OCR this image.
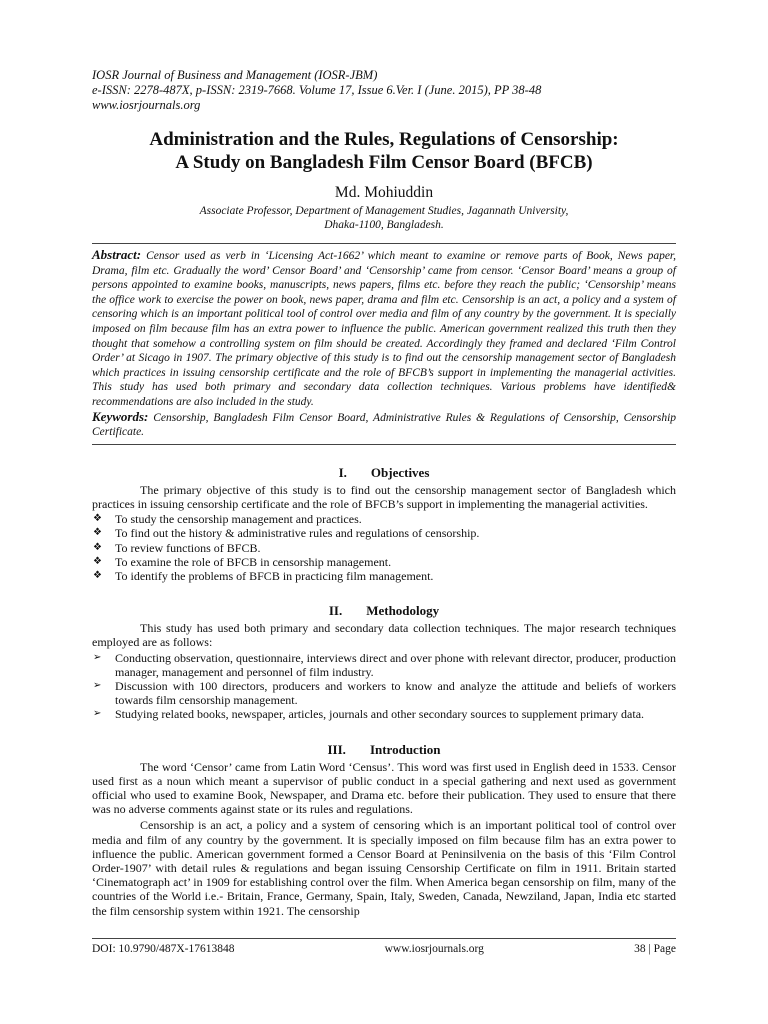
IOSR Journal of Business and Management (IOSR-JBM)
e-ISSN: 2278-487X, p-ISSN: 2319-7668. Volume 17, Issue 6.Ver. I (June. 2015), PP 38-48
www.iosrjournals.org
Administration and the Rules, Regulations of Censorship:
A Study on Bangladesh Film Censor Board (BFCB)
Md. Mohiuddin
Associate Professor, Department of Management Studies, Jagannath University,
Dhaka-1100, Bangladesh.
Abstract: Censor used as verb in ‘Licensing Act-1662’ which meant to examine or remove parts of Book, News paper, Drama, film etc. Gradually the word’ Censor Board’ and ‘Censorship’ came from censor. ‘Censor Board’ means a group of persons appointed to examine books, manuscripts, news papers, films etc. before they reach the public; ‘Censorship’ means the office work to exercise the power on book, news paper, drama and film etc. Censorship is an act, a policy and a system of censoring which is an important political tool of control over media and film of any country by the government. It is specially imposed on film because film has an extra power to influence the public. American government realized this truth then they thought that somehow a controlling system on film should be created. Accordingly they framed and declared ‘Film Control Order’ at Sicago in 1907. The primary objective of this study is to find out the censorship management sector of Bangladesh which practices in issuing censorship certificate and the role of BFCB’s support in implementing the managerial activities. This study has used both primary and secondary data collection techniques. Various problems have identified& recommendations are also included in the study.
Keywords: Censorship, Bangladesh Film Censor Board, Administrative Rules & Regulations of Censorship, Censorship Certificate.
I. Objectives

The primary objective of this study is to find out the censorship management sector of Bangladesh which practices in issuing censorship certificate and the role of BFCB’s support in implementing the managerial activities.

❖ To study the censorship management and practices.
❖ To find out the history & administrative rules and regulations of censorship.
❖ To review functions of BFCB.
❖ To examine the role of BFCB in censorship management.
❖ To identify the problems of BFCB in practicing film management.
II. Methodology

This study has used both primary and secondary data collection techniques. The major research techniques employed are as follows:

➢ Conducting observation, questionnaire, interviews direct and over phone with relevant director, producer, production manager, management and personnel of film industry.
➢ Discussion with 100 directors, producers and workers to know and analyze the attitude and beliefs of workers towards film censorship management.
➢ Studying related books, newspaper, articles, journals and other secondary sources to supplement primary data.
III. Introduction

The word ‘Censor’ came from Latin Word ‘Census’. This word was first used in English deed in 1533. Censor used first as a noun which meant a supervisor of public conduct in a special gathering and next used as government official who used to examine Book, Newspaper, and Drama etc. before their publication. They used to ensure that there was no adverse comments against state or its rules and regulations.

Censorship is an act, a policy and a system of censoring which is an important political tool of control over media and film of any country by the government. It is specially imposed on film because film has an extra power to influence the public. American government formed a Censor Board at Peninsilvenia on the basis of this ‘Film Control Order-1907’ with detail rules & regulations and began issuing Censorship Certificate on film in 1911. Britain started ‘Cinematograph act’ in 1909 for establishing control over the film. When America began censorship on film, many of the countries of the World i.e.- Britain, France, Germany, Spain, Italy, Sweden, Canada, Newziland, Japan, India etc started the film censorship system within 1921. The censorship

DOI: 10.9790/487X-17613848	www.iosrjournals.org	38 | Page
